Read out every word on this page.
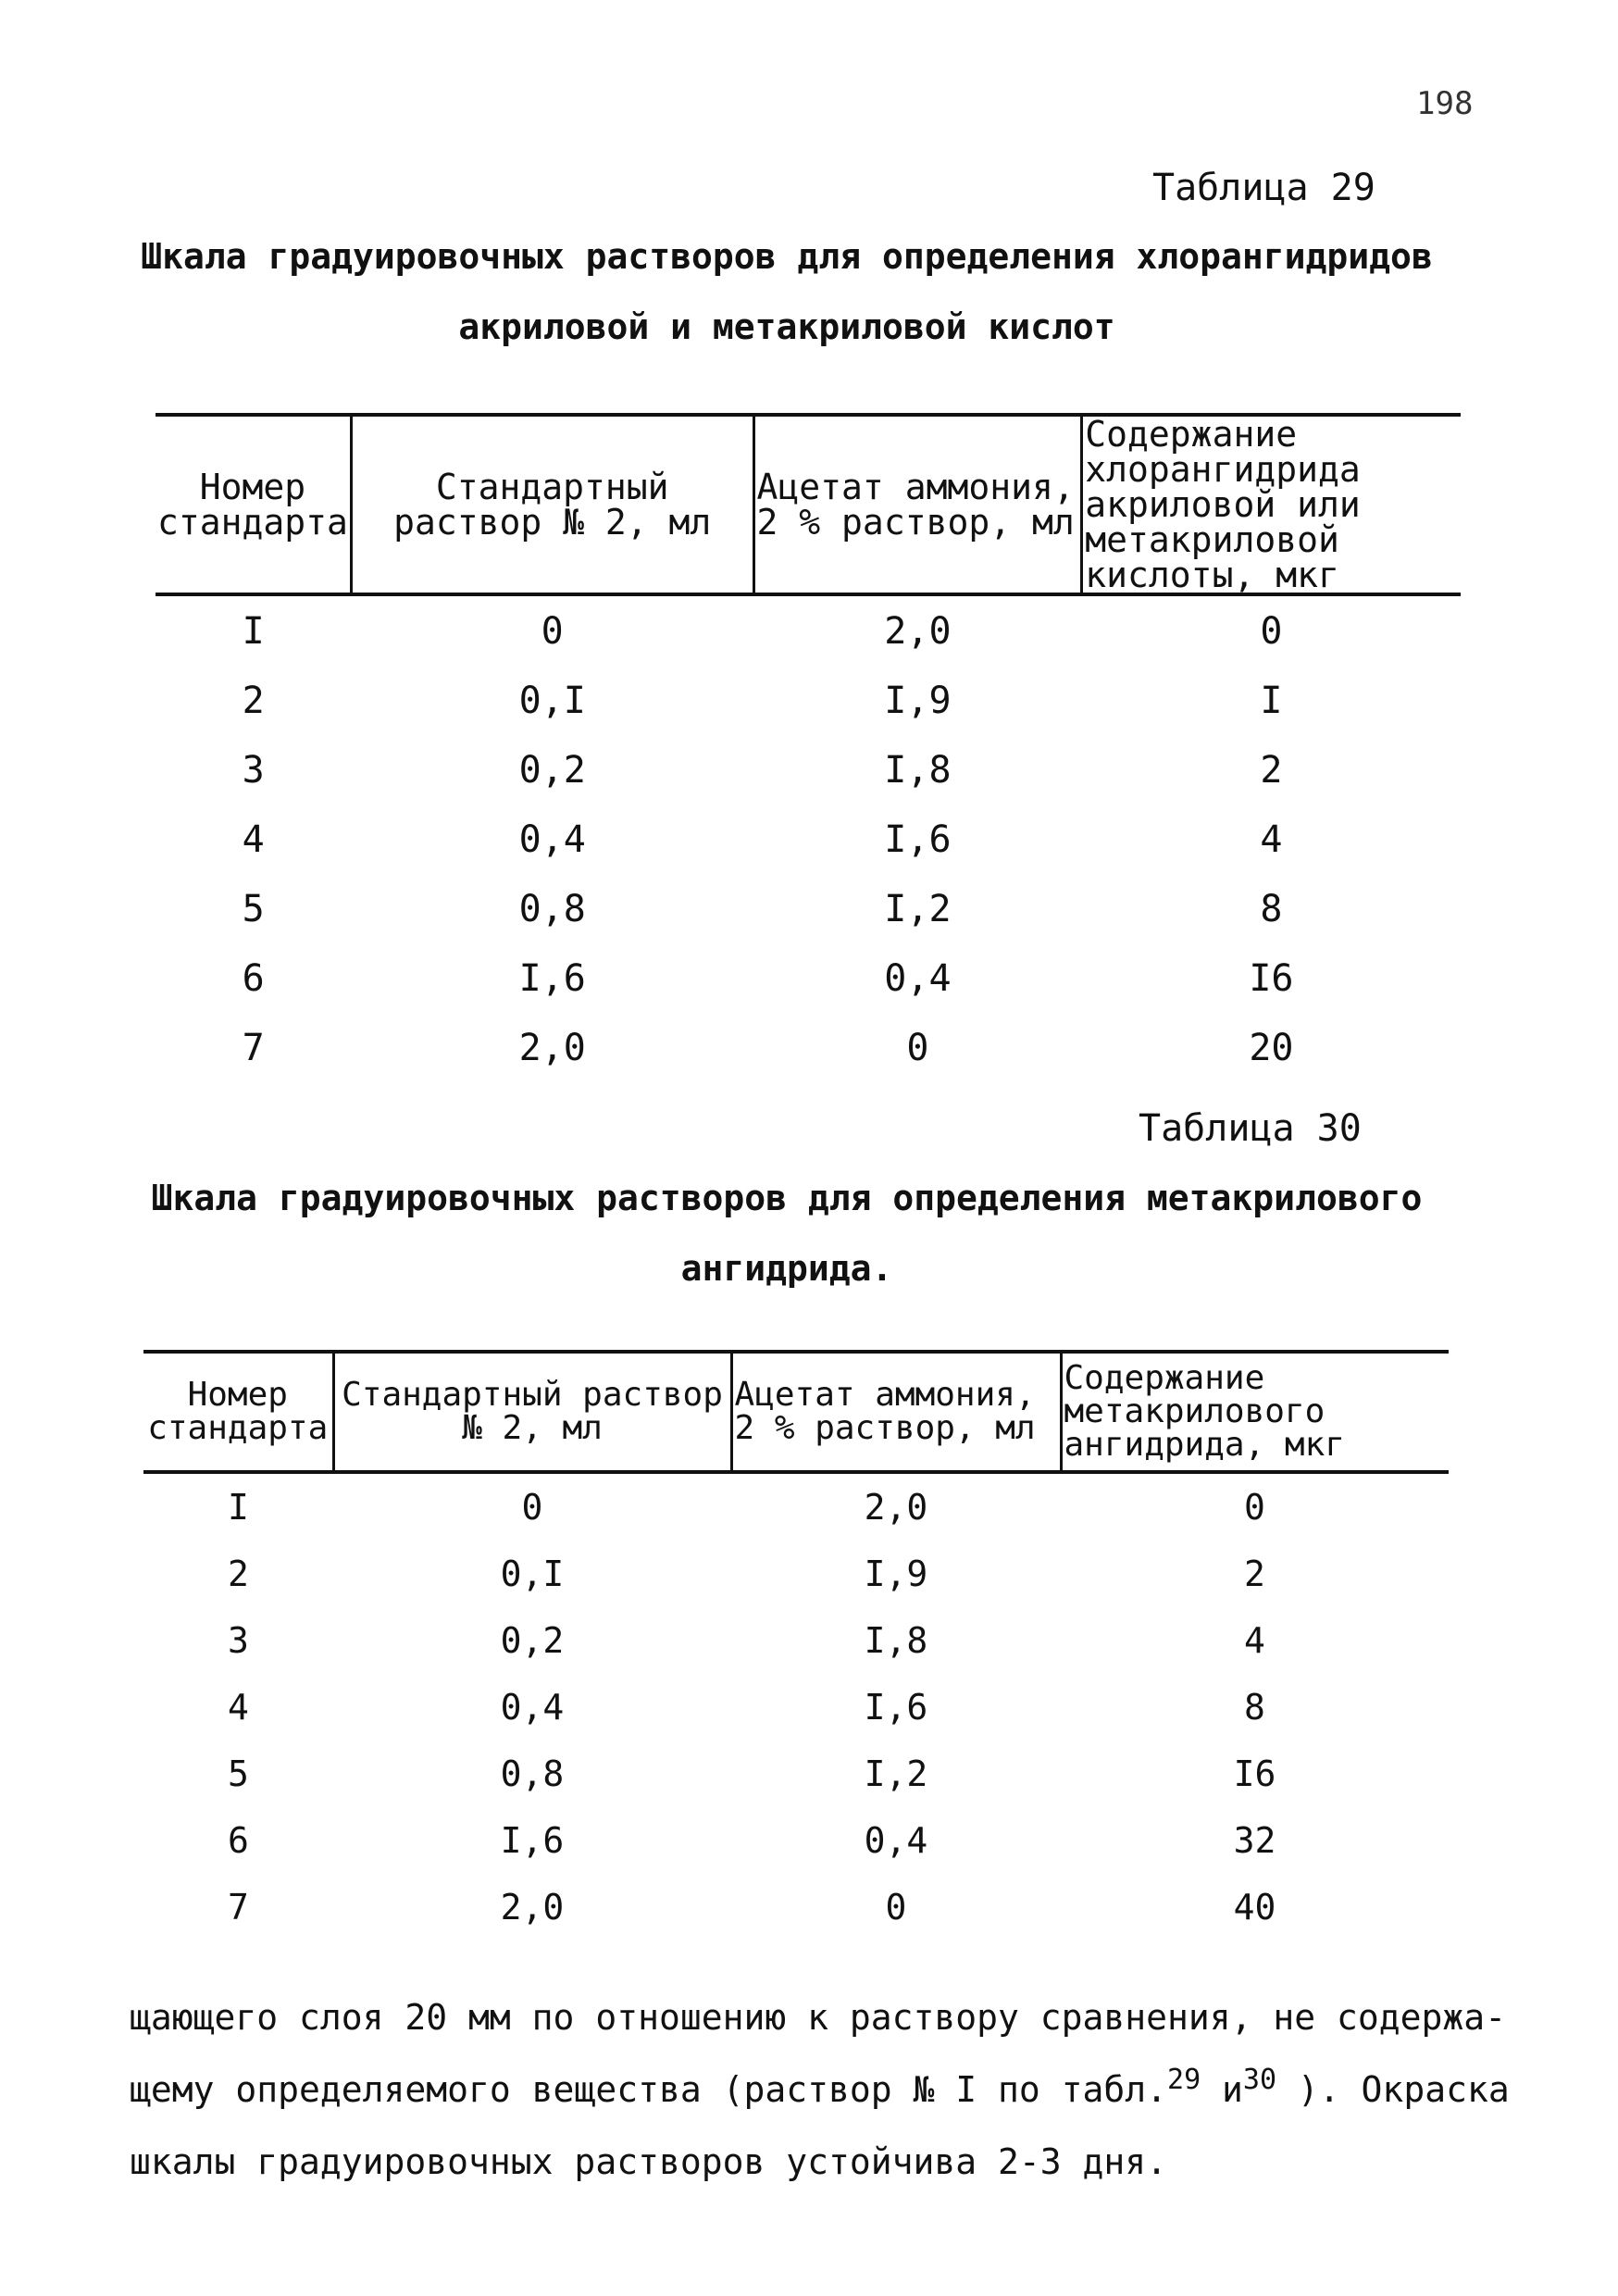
198
Таблица 29
Шкала градуировочных растворов для определения хлорангидридов
акриловой и метакриловой кислот
Номер стандарта	Стандартный раствор № 2, мл	Ацетат аммония, 2 % раствор, мл	Содержание хлорангидрида акриловой или метакриловой кислоты, мкг
I	0	2,0	0
2	0,I	I,9	I
3	0,2	I,8	2
4	0,4	I,6	4
5	0,8	I,2	8
6	I,6	0,4	I6
7	2,0	0	20
Таблица 30
Шкала градуировочных растворов для определения метакрилового
ангидрида.
Номер стандарта	Стандартный раствор № 2, мл	Ацетат аммония, 2 % раствор, мл	Содержание метакрилового ангидрида, мкг
I	0	2,0	0
2	0,I	I,9	2
3	0,2	I,8	4
4	0,4	I,6	8
5	0,8	I,2	I6
6	I,6	0,4	32
7	2,0	0	40
щающего слоя 20 мм по отношению к раствору сравнения, не содержа-
щему определяемого вещества (раствор № I по табл.$^{29}$ $и^{30}$ ). Окраска
шкалы градуировочных растворов устойчива 2-3 дня.
